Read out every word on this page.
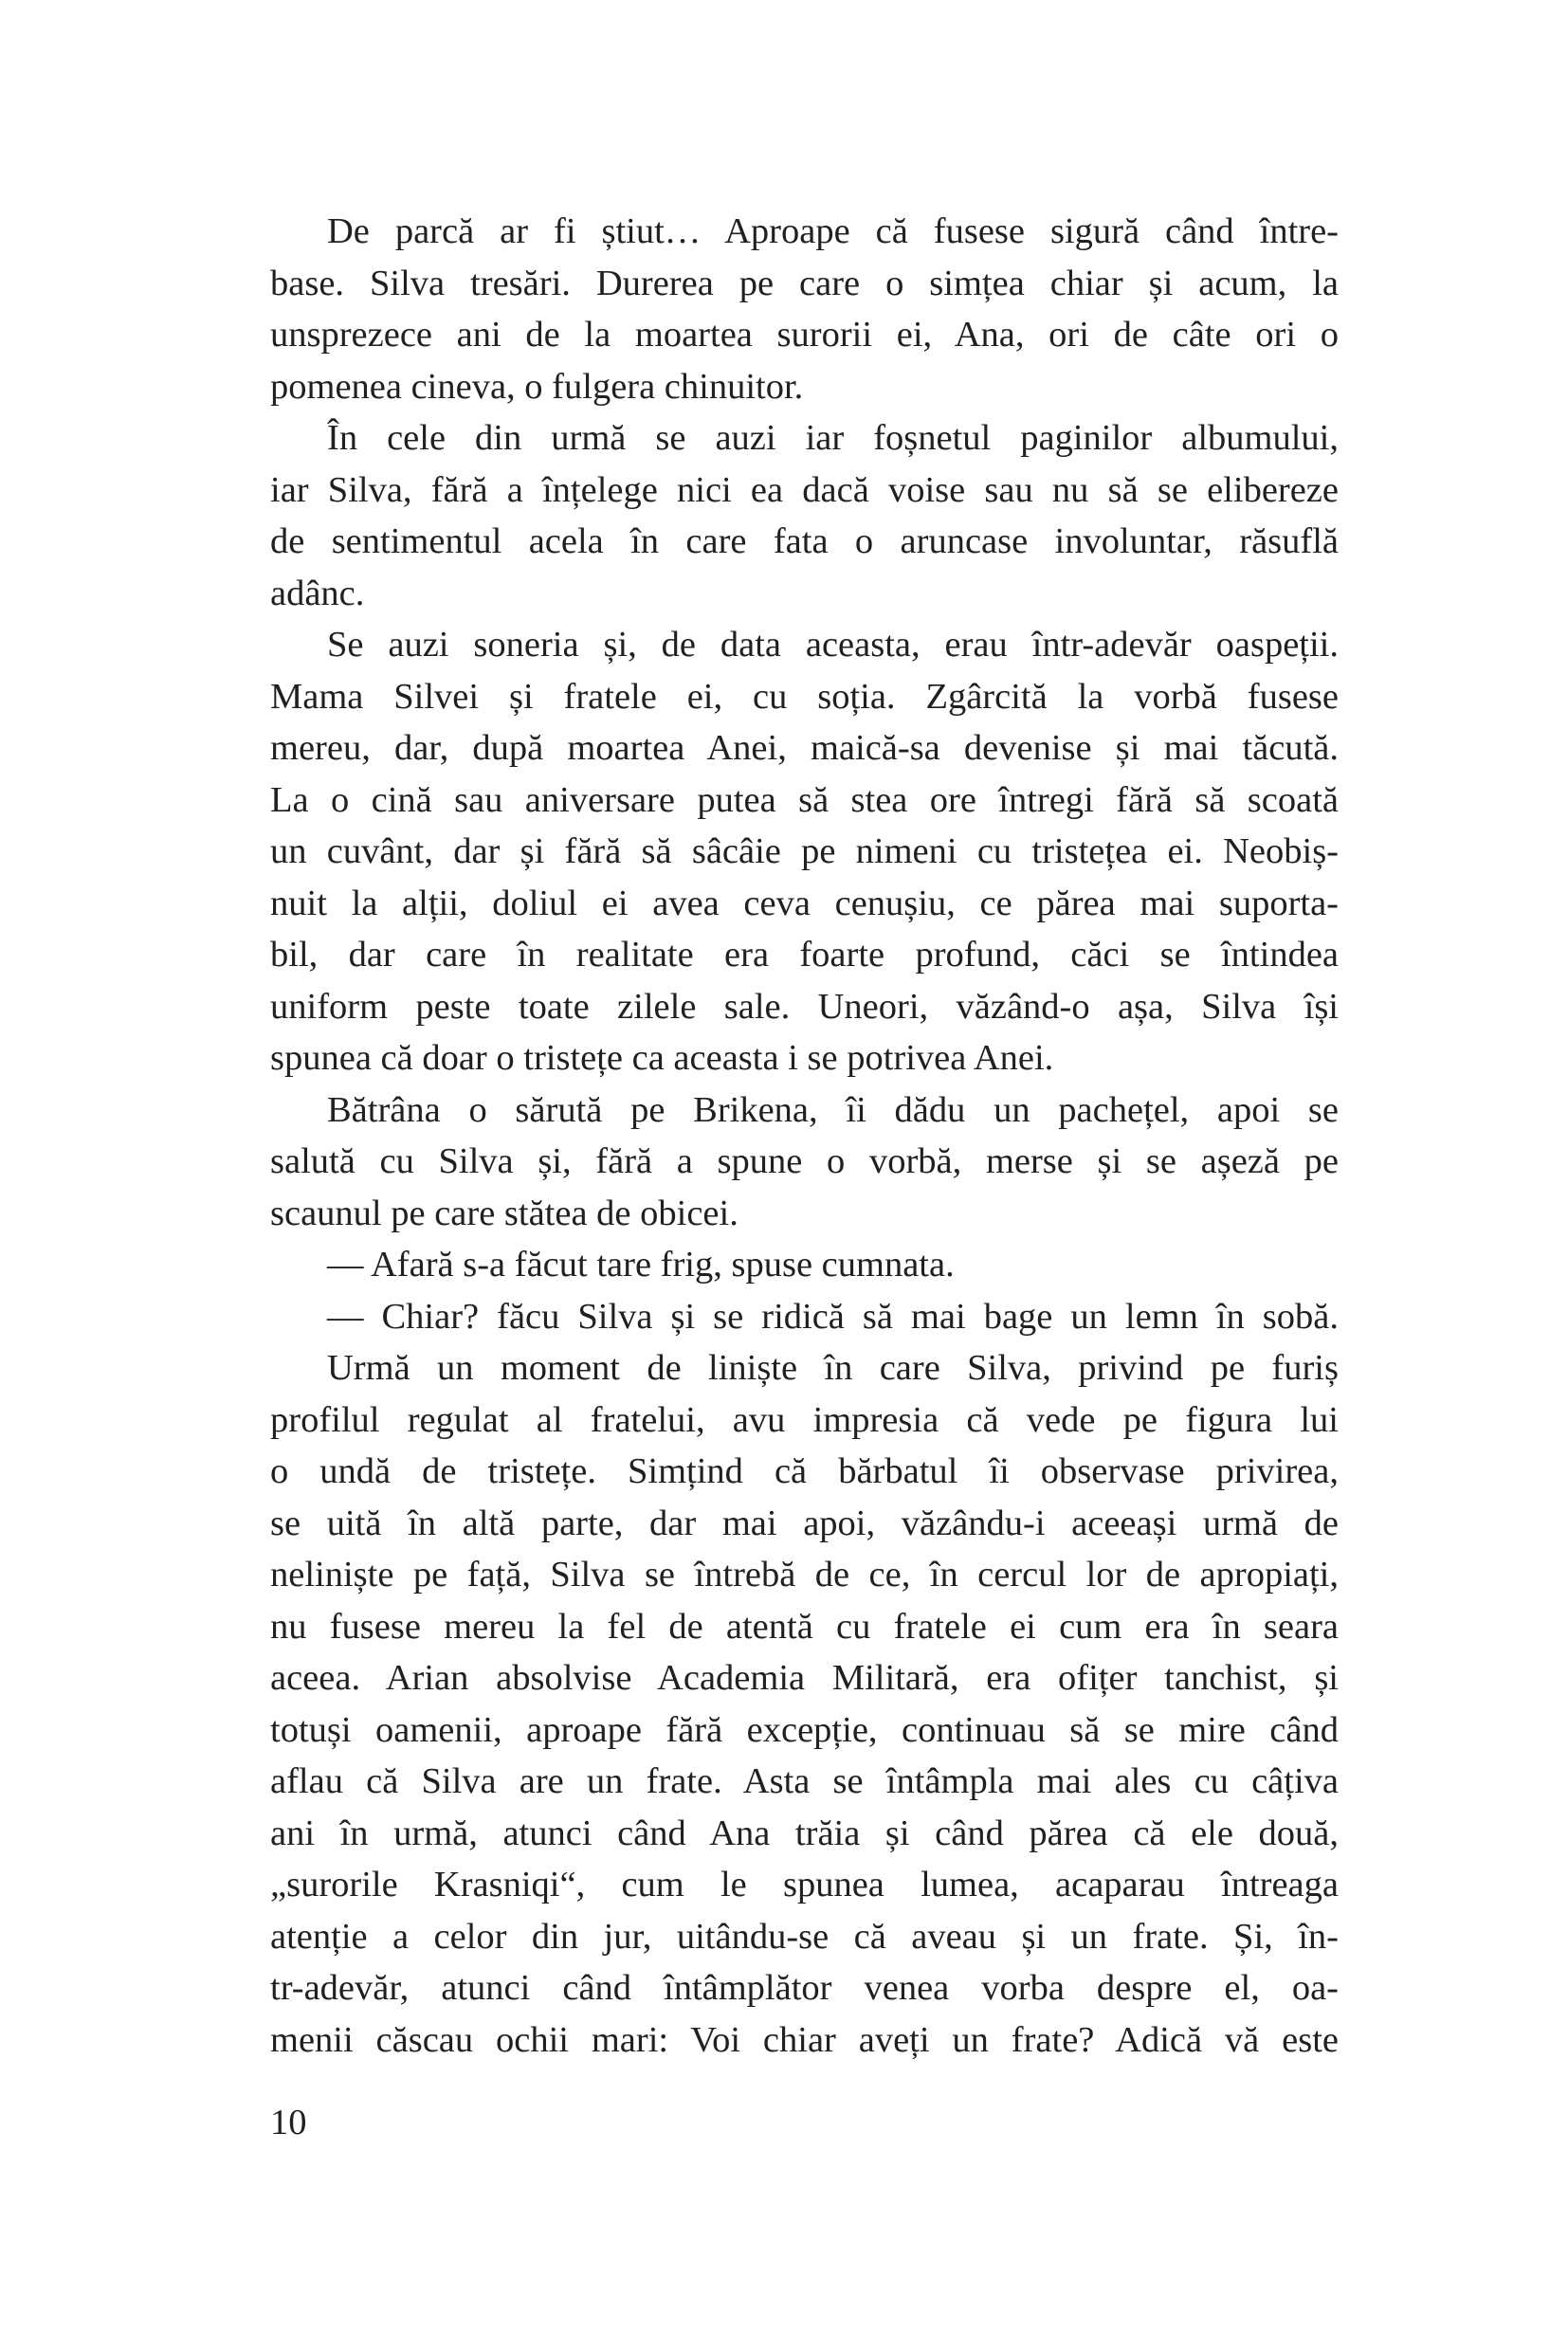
De parcă ar fi știut… Aproape că fusese sigură când între-
base. Silva tresări. Durerea pe care o simțea chiar și acum, la
unsprezece ani de la moartea surorii ei, Ana, ori de câte ori o
pomenea cineva, o fulgera chinuitor.
În cele din urmă se auzi iar foșnetul paginilor albumului,
iar Silva, fără a înțelege nici ea dacă voise sau nu să se elibereze
de sentimentul acela în care fata o aruncase involuntar, răsuflă
adânc.
Se auzi soneria și, de data aceasta, erau într-adevăr oaspeții.
Mama Silvei și fratele ei, cu soția. Zgârcită la vorbă fusese
mereu, dar, după moartea Anei, maică-sa devenise și mai tăcută.
La o cină sau aniversare putea să stea ore întregi fără să scoată
un cuvânt, dar și fără să sâcâie pe nimeni cu tristețea ei. Neobiș-
nuit la alții, doliul ei avea ceva cenușiu, ce părea mai suporta-
bil, dar care în realitate era foarte profund, căci se întindea
uniform peste toate zilele sale. Uneori, văzând-o așa, Silva își
spunea că doar o tristețe ca aceasta i se potrivea Anei.
Bătrâna o sărută pe Brikena, îi dădu un pachețel, apoi se
salută cu Silva și, fără a spune o vorbă, merse și se așeză pe
scaunul pe care stătea de obicei.
— Afară s-a făcut tare frig, spuse cumnata.
— Chiar? făcu Silva și se ridică să mai bage un lemn în sobă.
Urmă un moment de liniște în care Silva, privind pe furiș
profilul regulat al fratelui, avu impresia că vede pe figura lui
o undă de tristețe. Simțind că bărbatul îi observase privirea,
se uită în altă parte, dar mai apoi, văzându-i aceeași urmă de
neliniște pe față, Silva se întrebă de ce, în cercul lor de apropiați,
nu fusese mereu la fel de atentă cu fratele ei cum era în seara
aceea. Arian absolvise Academia Militară, era ofițer tanchist, și
totuși oamenii, aproape fără excepție, continuau să se mire când
aflau că Silva are un frate. Asta se întâmpla mai ales cu câțiva
ani în urmă, atunci când Ana trăia și când părea că ele două,
„surorile Krasniqi“, cum le spunea lumea, acaparau întreaga
atenție a celor din jur, uitându-se că aveau și un frate. Și, în-
tr-adevăr, atunci când întâmplător venea vorba despre el, oa-
menii căscau ochii mari: Voi chiar aveți un frate? Adică vă este
10
